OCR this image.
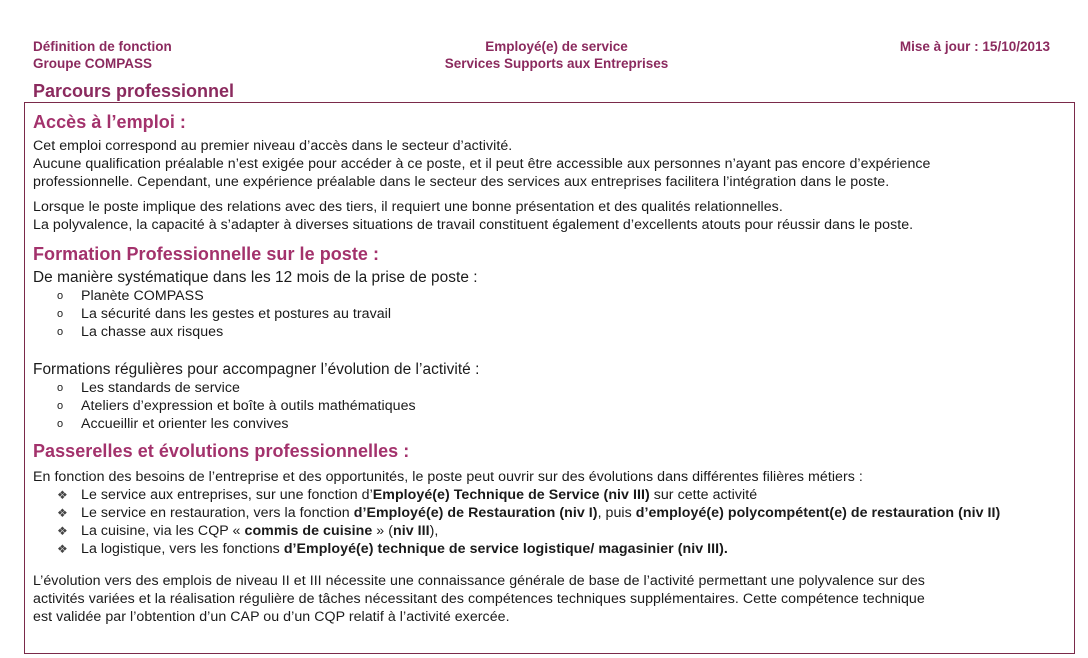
Définition de fonction
Groupe COMPASS
Employé(e) de service
Services Supports aux Entreprises
Mise à jour : 15/10/2013
Parcours professionnel
Accès à l’emploi :

Cet emploi correspond au premier niveau d’accès dans le secteur d’activité.

Aucune qualification préalable n’est exigée pour accéder à ce poste, et il peut être accessible aux personnes n’ayant pas encore d’expérience

professionnelle. Cependant, une expérience préalable dans le secteur des services aux entreprises facilitera l’intégration dans le poste.

Lorsque le poste implique des relations avec des tiers, il requiert une bonne présentation et des qualités relationnelles.

La polyvalence, la capacité à s’adapter à diverses situations de travail constituent également d’excellents atouts pour réussir dans le poste.

Formation Professionnelle sur le poste :

De manière systématique dans les 12 mois de la prise de poste :

o Planète COMPASS
o La sécurité dans les gestes et postures au travail
o La chasse aux risques

Formations régulières pour accompagner l’évolution de l’activité :

o Les standards de service
o Ateliers d’expression et boîte à outils mathématiques
o Accueillir et orienter les convives
Passerelles et évolutions professionnelles :

En fonction des besoins de l’entreprise et des opportunités, le poste peut ouvrir sur des évolutions dans différentes filières métiers :

❖ Le service aux entreprises, sur une fonction d’Employé(e) Technique de Service (niv III) sur cette activité
❖ Le service en restauration, vers la fonction d’Employé(e) de Restauration (niv I), puis d’employé(e) polycompétent(e) de restauration (niv II)
❖ La cuisine, via les CQP « commis de cuisine » (niv III),
❖ La logistique, vers les fonctions d’Employé(e) technique de service logistique/ magasinier (niv III).

L’évolution vers des emplois de niveau II et III nécessite une connaissance générale de base de l’activité permettant une polyvalence sur des

activités variées et la réalisation régulière de tâches nécessitant des compétences techniques supplémentaires. Cette compétence technique

est validée par l’obtention d’un CAP ou d’un CQP relatif à l’activité exercée.
